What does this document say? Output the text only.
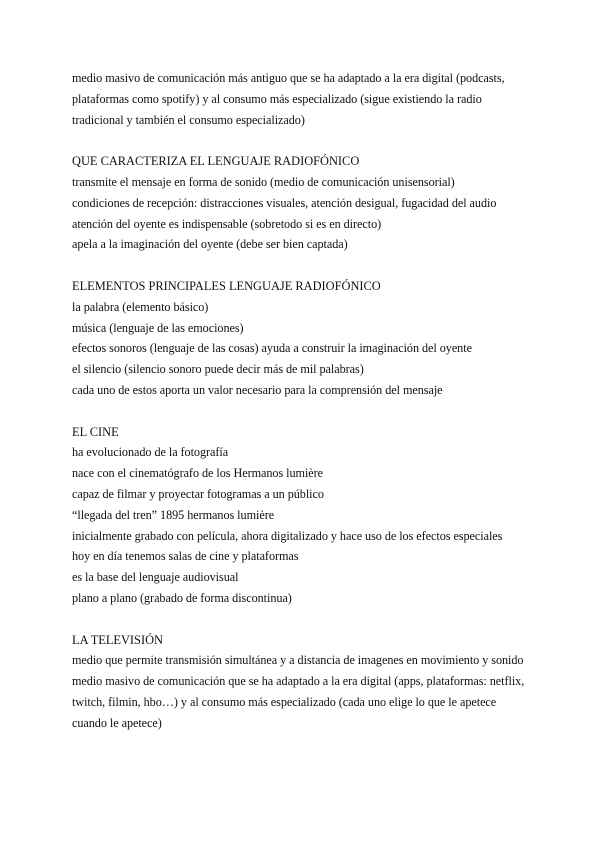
medio masivo de comunicación más antiguo que se ha adaptado a la era digital (podcasts,
plataformas como spotify) y al consumo más especializado (sigue existiendo la radio
tradicional y también el consumo especializado)
QUE CARACTERIZA EL LENGUAJE RADIOFÓNICO
transmite el mensaje en forma de sonido (medio de comunicación unisensorial)
condiciones de recepción: distracciones visuales, atención desigual, fugacidad del audio
atención del oyente es indispensable (sobretodo si es en directo)
apela a la imaginación del oyente (debe ser bien captada)
ELEMENTOS PRINCIPALES LENGUAJE RADIOFÓNICO
la palabra (elemento básico)
música (lenguaje de las emociones)
efectos sonoros (lenguaje de las cosas) ayuda a construir la imaginación del oyente
el silencio (silencio sonoro puede decir más de mil palabras)
cada uno de estos aporta un valor necesario para la comprensión del mensaje
EL CINE
ha evolucionado de la fotografía
nace con el cinematógrafo de los Hermanos lumière
capaz de filmar y proyectar fotogramas a un público
“llegada del tren” 1895 hermanos lumière
inicialmente grabado con película, ahora digitalizado y hace uso de los efectos especiales
hoy en día tenemos salas de cine y plataformas
es la base del lenguaje audiovisual
plano a plano (grabado de forma discontinua)
LA TELEVISIÓN
medio que permite transmisión simultánea y a distancia de imagenes en movimiento y sonido
medio masivo de comunicación que se ha adaptado a la era digital (apps, plataformas: netflix,
twitch, filmin, hbo…) y al consumo más especializado (cada uno elige lo que le apetece
cuando le apetece)
